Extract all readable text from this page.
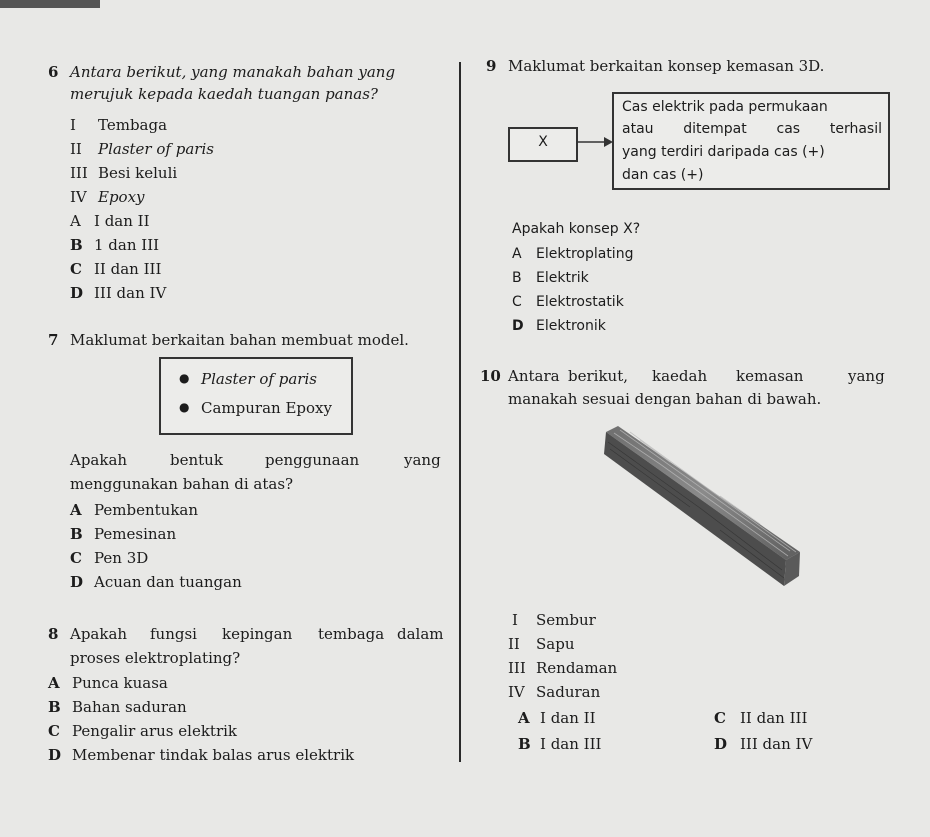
6 Antara berikut, yang manakah bahan yang
merujuk kepada kaedah tuangan panas?
I Tembaga
II Plaster of paris
III Besi keluli
IV Epoxy
A I dan II
B 1 dan III
C II dan III
D III dan IV
7 Maklumat berkaitan bahan membuat model.
● Plaster of paris
● Campuran Epoxy
Apakah	bentuk	penggunaan	yang
menggunakan bahan di atas?
A Pembentukan
B Pemesinan
C Pen 3D
D Acuan dan tuangan
8 Apakah fungsi kepingan tembaga dalam
proses elektroplating?
A Punca kuasa
B Bahan saduran
C Pengalir arus elektrik
D Membenar tindak balas arus elektrik
9 Maklumat berkaitan konsep kemasan 3D.
X
Cas elektrik pada permukaan
atau ditempat cas terhasil
yang terdiri daripada cas (+)
dan cas (+)
Apakah konsep X?
A Elektroplating
B Elektrik
C Elektrostatik
D Elektronik
10 Antara berikut, kaedah kemasan	yang
manakah sesuai dengan bahan di bawah.
I Sembur
II Sapu
III Rendaman
IV Saduran
A I dan II	C II dan III
B I dan III	D III dan IV
